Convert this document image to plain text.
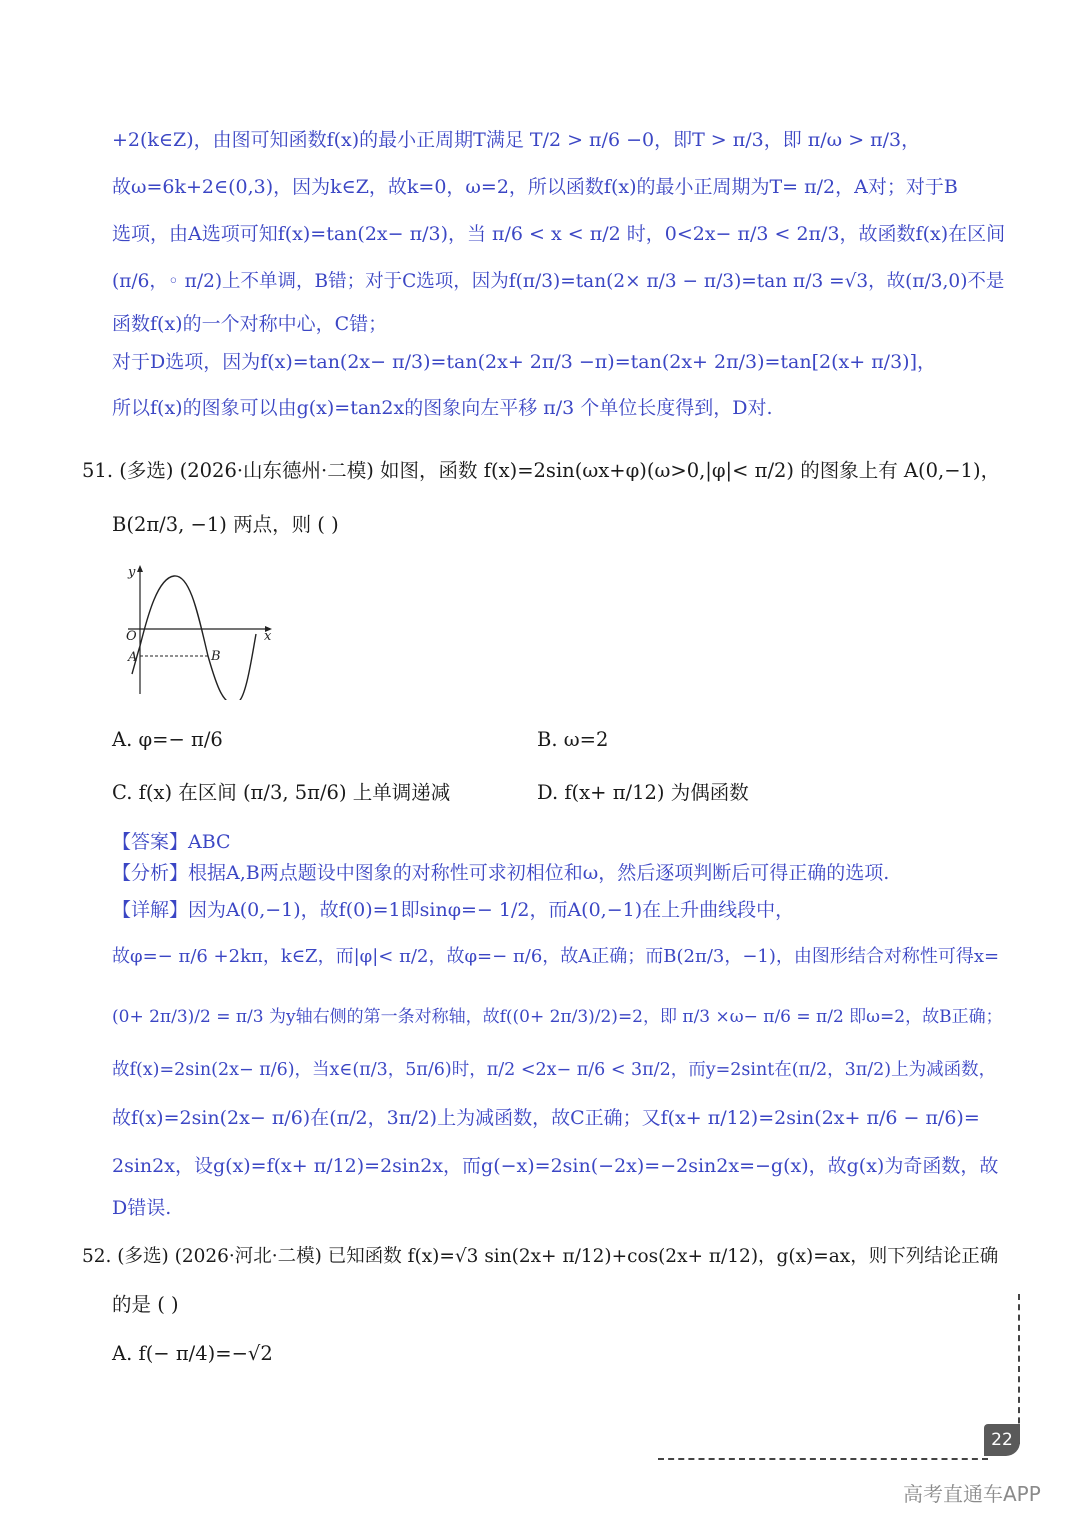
+2(k∈Z)，由图可知函数f(x)的最小正周期T满足 T/2 > π/6 −0，即T > π/3，即 π/ω > π/3，
故ω=6k+2∈(0,3)，因为k∈Z，故k=0，ω=2，所以函数f(x)的最小正周期为T= π/2，A对；对于B
选项，由A选项可知f(x)=tan(2x− π/3)，当 π/6 < x < π/2 时，0<2x− π/3 < 2π/3，故函数f(x)在区间
(π/6，◦ π/2)上不单调，B错；对于C选项，因为f(π/3)=tan(2× π/3 − π/3)=tan π/3 =√3，故(π/3,0)不是
函数f(x)的一个对称中心，C错；
对于D选项，因为f(x)=tan(2x− π/3)=tan(2x+ 2π/3 −π)=tan(2x+ 2π/3)=tan[2(x+ π/3)]，
所以f(x)的图象可以由g(x)=tan2x的图象向左平移 π/3 个单位长度得到，D对.
51. (多选) (2026·山东德州·二模) 如图，函数 f(x)=2sin(ωx+φ)(ω>0,|φ|< π/2) 的图象上有 A(0,−1)，
B(2π/3, −1) 两点，则 ( )
y
x
O
A	B
A. φ=− π/6	B. ω=2
C. f(x) 在区间 (π/3, 5π/6) 上单调递减	D. f(x+ π/12) 为偶函数
【答案】ABC
【分析】根据A,B两点题设中图象的对称性可求初相位和ω，然后逐项判断后可得正确的选项.
【详解】因为A(0,−1)，故f(0)=1即sinφ=− 1/2，而A(0,−1)在上升曲线段中，
故φ=− π/6 +2kπ，k∈Z，而|φ|< π/2，故φ=− π/6，故A正确；而B(2π/3，−1)，由图形结合对称性可得x=
(0+ 2π/3)/2 = π/3 为y轴右侧的第一条对称轴，故f((0+ 2π/3)/2)=2，即 π/3 ×ω− π/6 = π/2 即ω=2，故B正确；
故f(x)=2sin(2x− π/6)，当x∈(π/3，5π/6)时，π/2 <2x− π/6 < 3π/2，而y=2sint在(π/2，3π/2)上为减函数，
故f(x)=2sin(2x− π/6)在(π/2，3π/2)上为减函数，故C正确；又f(x+ π/12)=2sin(2x+ π/6 − π/6)=
2sin2x，设g(x)=f(x+ π/12)=2sin2x，而g(−x)=2sin(−2x)=−2sin2x=−g(x)，故g(x)为奇函数，故
D错误.
52. (多选) (2026·河北·二模) 已知函数 f(x)=√3 sin(2x+ π/12)+cos(2x+ π/12)，g(x)=ax，则下列结论正确
的是 ( )
A. f(− π/4)=−√2
22
高考直通车APP
